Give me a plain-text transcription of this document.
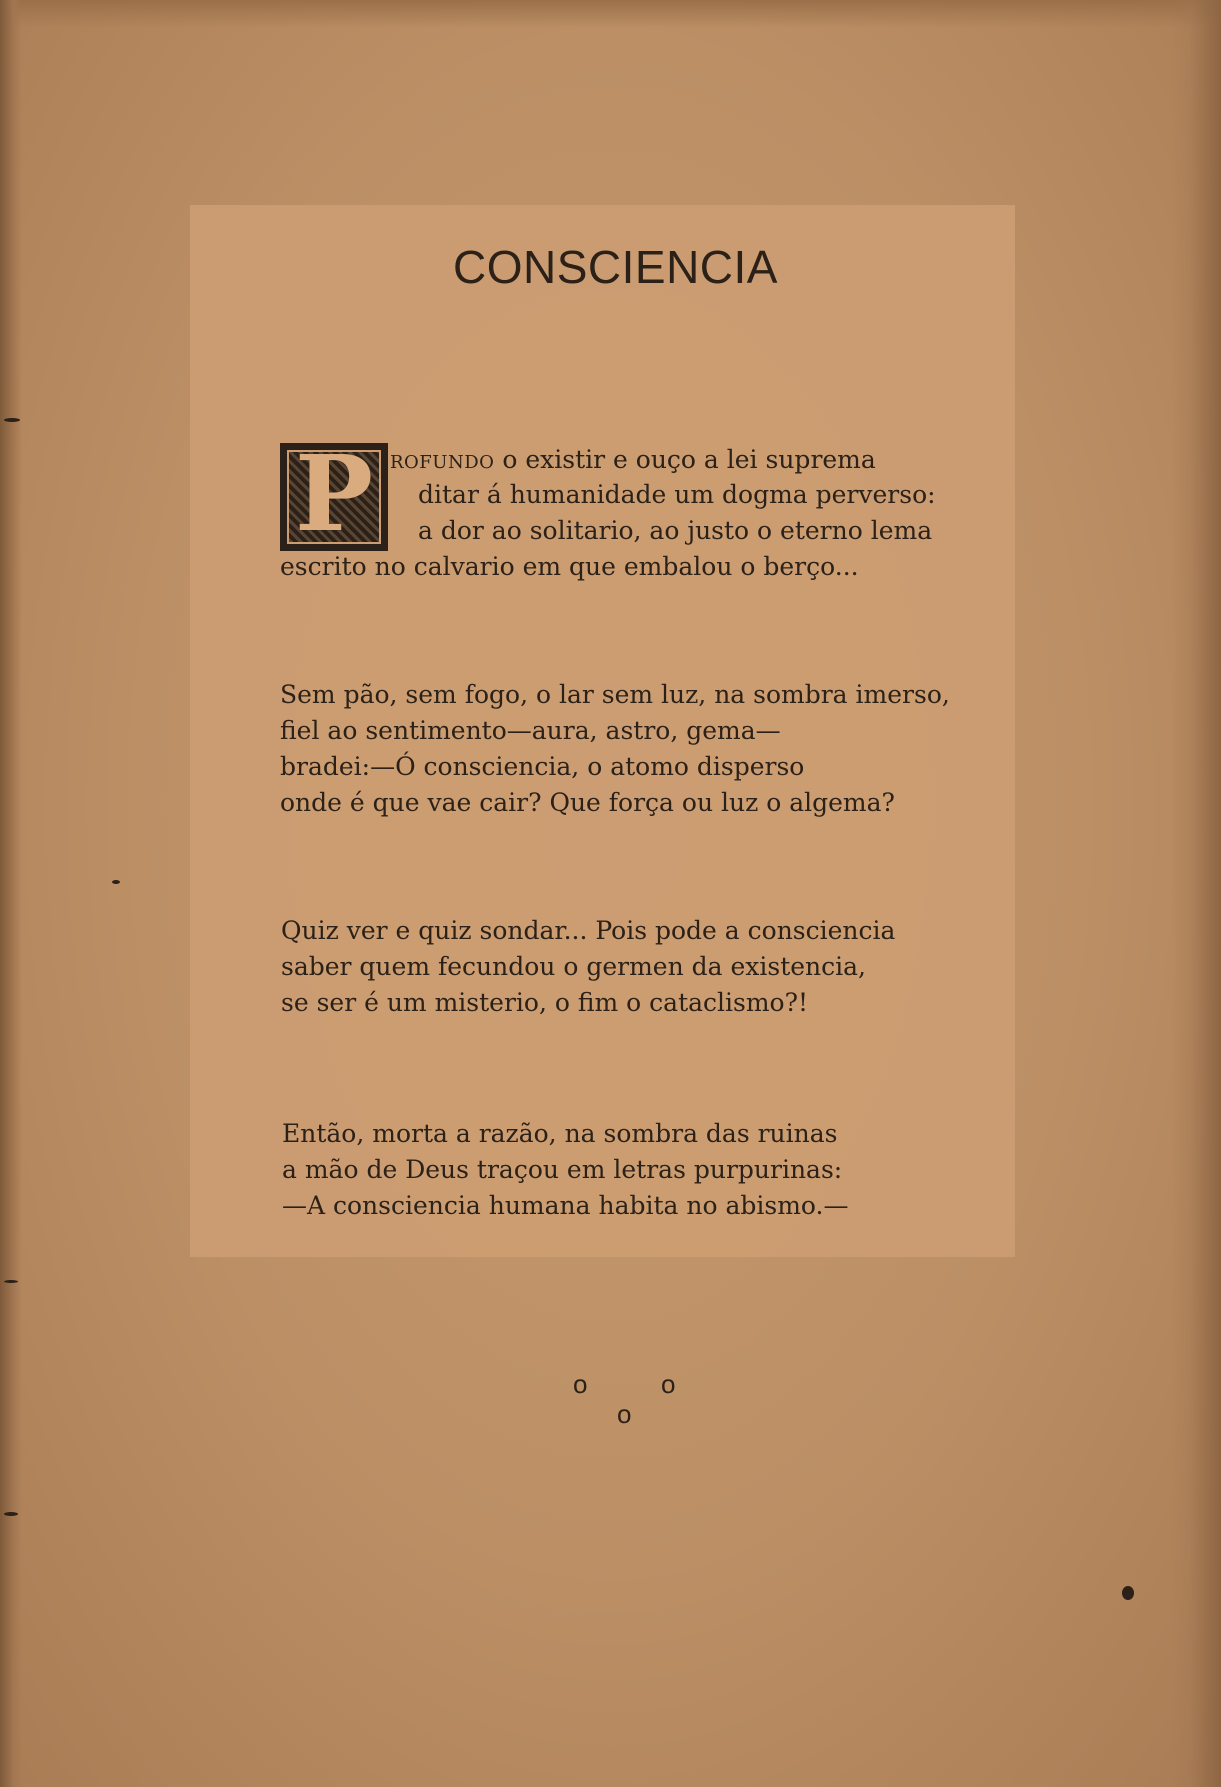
CONSCIENCIA
P rofundo o existir e ouço a lei suprema
ditar á humanidade um dogma perverso:
a dor ao solitario, ao justo o eterno lema
escrito no calvario em que embalou o berço...
Sem pão, sem fogo, o lar sem luz, na sombra imerso,
fiel ao sentimento—aura, astro, gema—
bradei:—Ó consciencia, o atomo disperso
onde é que vae cair? Que força ou luz o algema?
Quiz ver e quiz sondar... Pois pode a consciencia
saber quem fecundou o germen da existencia,
se ser é um misterio, o fim o cataclismo?!
Então, morta a razão, na sombra das ruinas
a mão de Deus traçou em letras purpurinas:
—A consciencia humana habita no abismo.—
o	o
o
